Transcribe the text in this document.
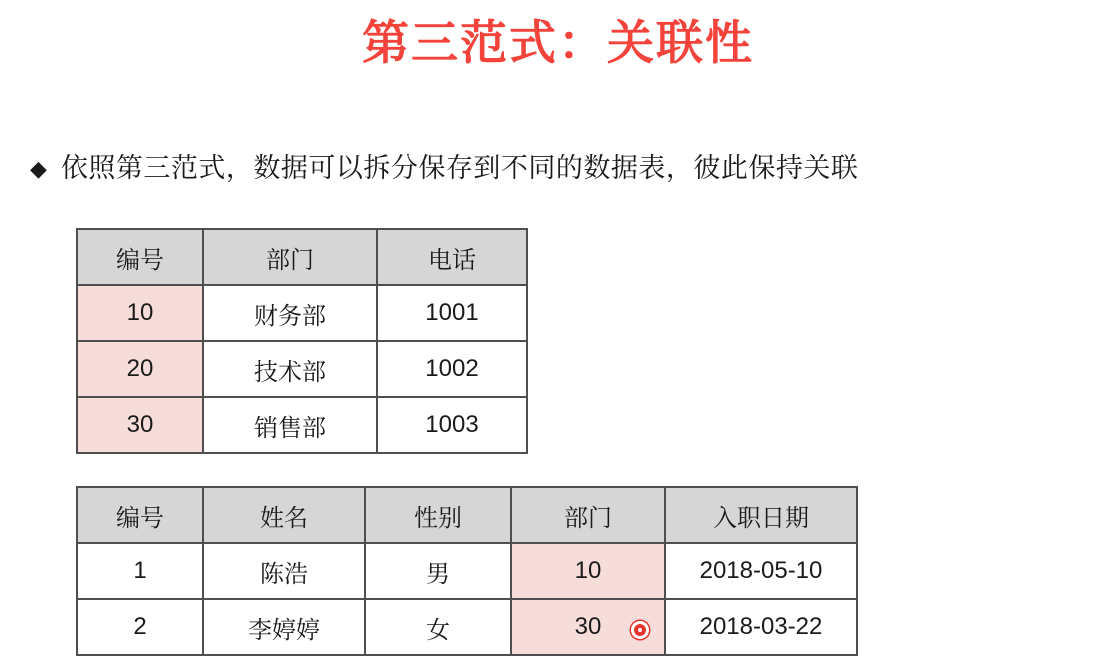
第三范式：关联性
◆ 依照第三范式，数据可以拆分保存到不同的数据表，彼此保持关联
编号	部门	电话
10	财务部	1001
20	技术部	1002
30	销售部	1003
编号	姓名	性别	部门	入职日期
1	陈浩	男	10	2018-05-10
2	李婷婷	女	30	2018-03-22
